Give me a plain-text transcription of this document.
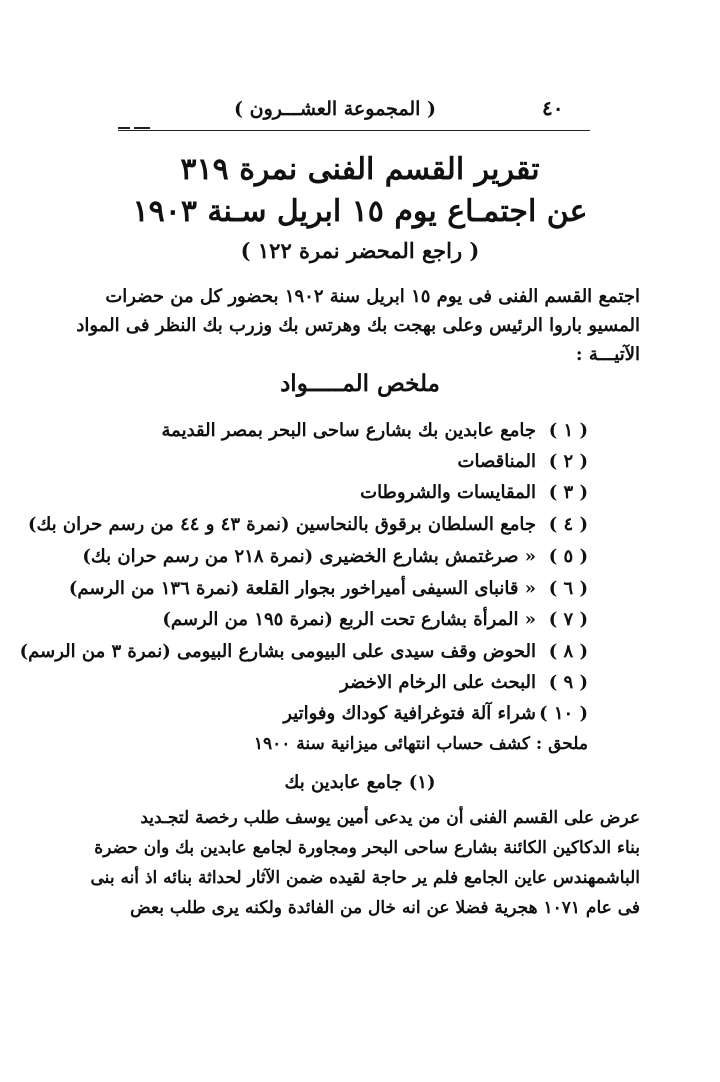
( المجموعة العشـــرون )	٤٠
تقرير القسم الفنى نمرة ٣١٩
عن اجتمـاع يوم ١٥ ابريل سـنة ١٩٠٣
( راجع المحضر نمرة ١٢٢ )
اجتمع القسم الفنى فى يوم ١٥ ابريل سنة ١٩٠٢ بحضور كل من حضرات
المسيو باروا الرئيس وعلى بهجت بك وهرتس بك وزرب بك النظر فى المواد
الآتيـــة :
ملخص المـــــواد
( ١ )
جامع عابدين بك بشارع ساحى البحر بمصر القديمة
( ٢ )
المناقصات
( ٣ )
المقايسات والشروطات
( ٤ )
جامع السلطان برقوق بالنحاسين (نمرة ٤٣ و ٤٤ من رسم حران بك)
( ٥ )
« صرغتمش بشارع الخضيرى (نمرة ٢١٨ من رسم حران بك)
( ٦ )
« قانباى السيفى أميراخور بجوار القلعة (نمرة ١٣٦ من الرسم)
( ٧ )
« المرأة بشارع تحت الربع (نمرة ١٩٥ من الرسم)
( ٨ )
الحوض وقف سيدى على البيومى بشارع البيومى (نمرة ٣ من الرسم)
( ٩ )
البحث على الرخام الاخضر
( ١٠ )
شراء آلة فتوغرافية كوداك وفواتير
ملحق : كشف حساب انتهائى ميزانية سنة ١٩٠٠
(١) جامع عابدين بك
عرض على القسم الفنى أن من يدعى أمين يوسف طلب رخصة لتجـديد
بناء الدكاكين الكائنة بشارع ساحى البحر ومجاورة لجامع عابدين بك وان حضرة
الباشمهندس عاين الجامع فلم ير حاجة لقيده ضمن الآثار لحداثة بنائه اذ أنه بنى
فى عام ١٠٧١ هجرية فضلا عن انه خال من الفائدة ولكنه يرى طلب بعض
